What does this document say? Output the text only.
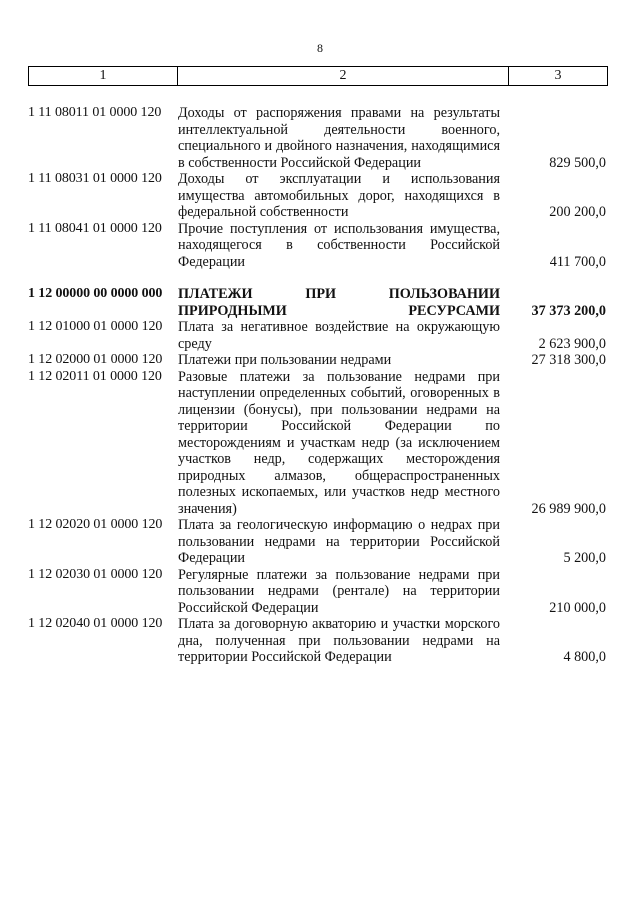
8
1	2	3
1 11 08011 01 0000 120	Доходы от распоряжения правами на результаты интеллектуальной деятельности военного, специального и двойного назначения, находящимися в собственности Российской Федерации	829 500,0
1 11 08031 01 0000 120	Доходы от эксплуатации и использования имущества автомобильных дорог, находящихся в федеральной собственности	200 200,0
1 11 08041 01 0000 120	Прочие поступления от использования имущества, находящегося в собственности Российской Федерации	411 700,0
1 12 00000 00 0000 000	ПЛАТЕЖИ ПРИ ПОЛЬЗОВАНИИ ПРИРОДНЫМИ РЕСУРСАМИ	37 373 200,0
1 12 01000 01 0000 120	Плата за негативное воздействие на окружающую среду	2 623 900,0
1 12 02000 01 0000 120	Платежи при пользовании недрами	27 318 300,0
1 12 02011 01 0000 120	Разовые платежи за пользование недрами при наступлении определенных событий, оговоренных в лицензии (бонусы), при пользовании недрами на территории Российской Федерации по месторождениям и участкам недр (за исключением участков недр, содержащих месторождения природных алмазов, общераспространенных полезных ископаемых, или участков недр местного значения)	26 989 900,0
1 12 02020 01 0000 120	Плата за геологическую информацию о недрах при пользовании недрами на территории Российской Федерации	5 200,0
1 12 02030 01 0000 120	Регулярные платежи за пользование недрами при пользовании недрами (рентале) на территории Российской Федерации	210 000,0
1 12 02040 01 0000 120	Плата за договорную акваторию и участки морского дна, полученная при пользовании недрами на территории Российской Федерации	4 800,0
